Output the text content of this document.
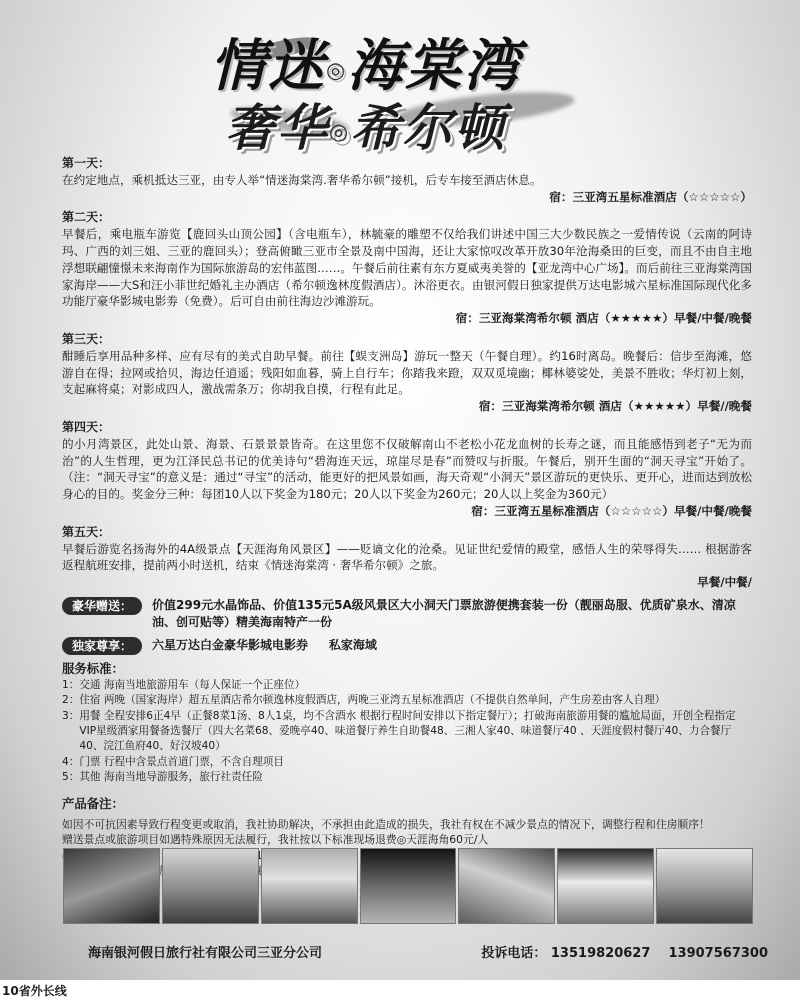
情迷◎海棠湾
奢华◎希尔顿
第一天：
在约定地点，乘机抵达三亚，由专人举“情迷海棠湾.奢华希尔顿”接机，后专车接至酒店休息。
宿：三亚湾五星标准酒店（☆☆☆☆☆）
第二天：
早餐后，乘电瓶车游览【鹿回头山顶公园】（含电瓶车），林毓豪的雕塑不仅给我们讲述中国三大少数民族之一爱情传说（云南的阿诗玛、广西的刘三姐、三亚的鹿回头）；登高俯瞰三亚市全景及南中国海，还让大家惊叹改革开放30年沧海桑田的巨变，而且不由自主地浮想联翩憧憬未来海南作为国际旅游岛的宏伟蓝图……。午餐后前往素有东方夏威夷美誉的【亚龙湾中心广场】。而后前往三亚海棠湾国家海岸——大S和汪小菲世纪婚礼主办酒店（希尔顿逸林度假酒店）。沐浴更衣。由银河假日独家提供万达电影城六星标准国际现代化多功能厅豪华影城电影劵（免费）。后可自由前往海边沙滩游玩。
宿：三亚海棠湾希尔顿 酒店（★★★★★）早餐/中餐/晚餐
第三天：
酣睡后享用品种多样、应有尽有的美式自助早餐。前往【蜈支洲岛】游玩一整天（午餐自理）。约16时离岛。晚餐后：信步至海滩，悠游自在得；拉网或拾贝，海边任逍遥；残阳如血暮，骑上自行车；你踏我来蹬，双双觅境幽；椰林婆娑处，美景不胜收；华灯初上刻，支起麻将桌；对影成四人，激战需条万；你胡我自摸，行程有此足。
宿：三亚海棠湾希尔顿 酒店（★★★★★）早餐//晚餐
第四天：
的小月湾景区，此处山景、海景、石景景景皆奇。在这里您不仅破解南山不老松小花龙血树的长寿之谜，而且能感悟到老子“无为而治”的人生哲理，更为江泽民总书记的优美诗句“碧海连天远，琼崖尽是春”而赞叹与折服。午餐后，别开生面的“洞天寻宝”开始了。（注：“洞天寻宝”的意义是：通过“寻宝”的活动，能更好的把风景如画，海天奇观“小洞天”景区游玩的更快乐、更开心，进而达到放松身心的目的。奖金分三种：每团10人以下奖金为180元；20人以下奖金为260元；20人以上奖金为360元）
宿：三亚湾五星标准酒店（☆☆☆☆☆）早餐/中餐/晚餐
第五天：
早餐后游览名扬海外的4A级景点【天涯海角风景区】——贬谪文化的沧桑。见证世纪爱情的殿堂，感悟人生的荣辱得失…… 根据游客返程航班安排，提前两小时送机，结束《情迷海棠湾 · 奢华希尔顿》之旅。
早餐/中餐/
豪华赠送：	价值299元水晶饰品、价值135元5A级风景区大小洞天门票旅游便携套装一份（靓丽岛服、优质矿泉水、清凉油、创可贴等）精美海南特产一份
独家尊享：	六星万达白金豪华影城电影券     私家海域
服务标准：
1： 交通 海南当地旅游用车（每人保证一个正座位）
2： 住宿 两晚（国家海岸）超五星酒店希尔顿逸林度假酒店，两晚三亚湾五星标准酒店（不提供自然单间，产生房差由客人自理）
3： 用餐 全程安排6正4早（正餐8菜1汤、8人1桌，均不含酒水 根据行程时间安排以下指定餐厅）；打破海南旅游用餐的尴尬局面，开创全程指定VIP星级酒家用餐备选餐厅（四大名菜68、爱晚亭40、味道餐厅养生自助餐48、三湘人家40、味道餐厅40 、天涯度假村餐厅40、力合餐厅40、浣江鱼府40、好汉坡40）
4： 门票 行程中含景点首道门票，不含自理项目
5： 其他 海南当地导游服务，旅行社责任险
产品备注：
如因不可抗因素导致行程变更或取消，我社协助解决，不承担由此造成的损失，我社有权在不减少景点的情况下，调整行程和住房顺序！
赠送景点或旅游项目如遇特殊原因无法履行，我社按以下标准现场退费◎天涯海角60元/人
海南银河假日旅行社有限公司三亚分公司	投诉电话： 13519820627 13907567300
10省外长线
